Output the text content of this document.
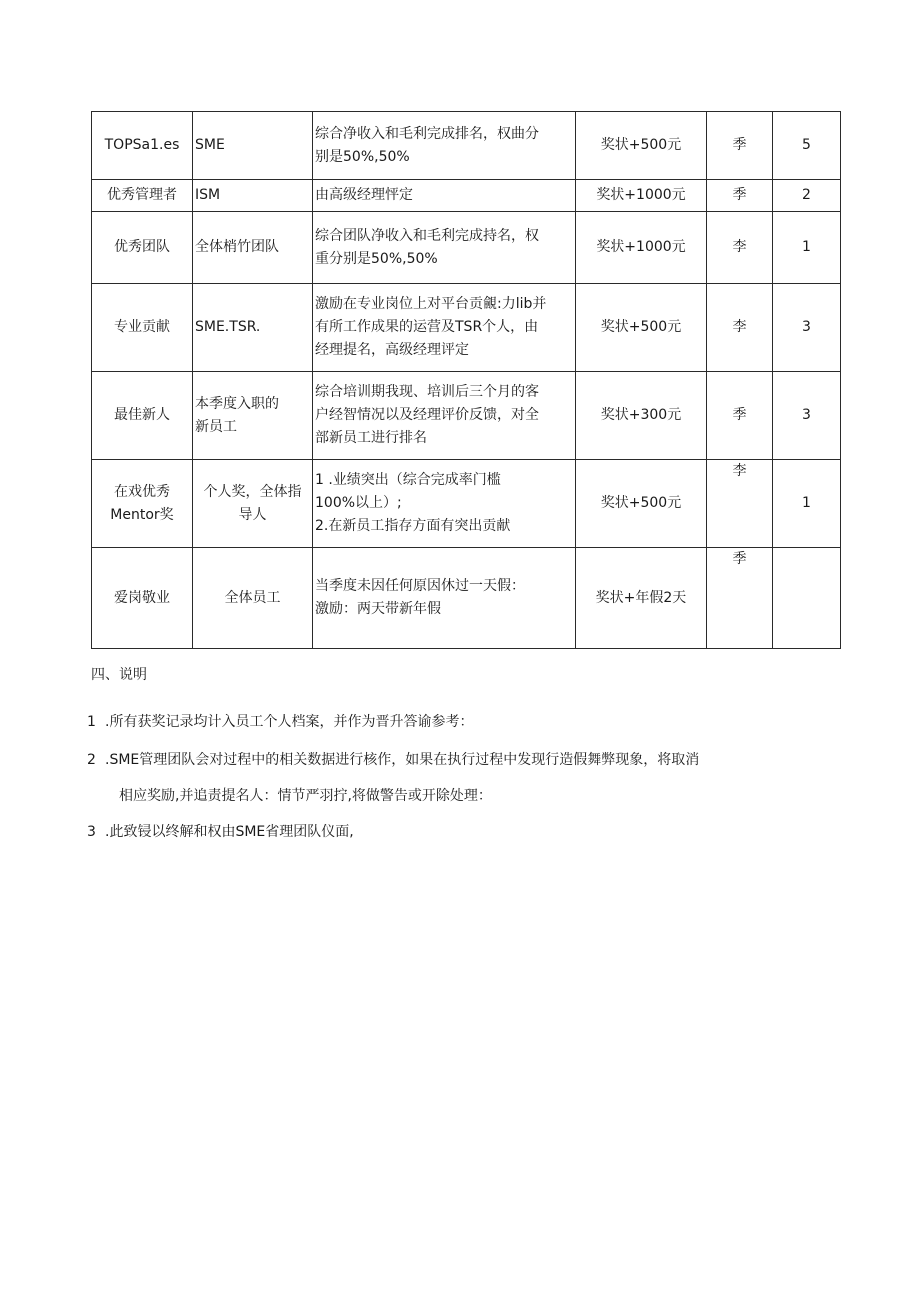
TOPSa1.es	SME	综合净收入和毛利完成排名，权曲分
别是50%,50%	奖状+500元	季	5

优秀管理者	ISM	由高级经理怦定	奖状+1000元	季	2

优秀团队	全体梢竹团队	综合团队净收入和毛利完成持名，权
重分别是50%,50%	奖状+1000元	李	1

专业贡献	SME.TSR.	激励在专业岗位上对平台贡覦:力lib并
有所工作成果的运营及TSR个人，由
经理提名，高级经理评定	奖状+500元	李	3

最佳新人	本季度入职的
新员工	综合培训期我现、培训后三个月的客
户经智情况以及经理评价反馈，对全
部新员工进行排名	奖状+300元	季	3

在戏优秀
Mentor奖	个人奖，全体指
导人	1 .业绩突出（综合完成率门槛
100%以上）;
2.在新员工指存方面有突出贡献	奖状+500元	李	1

爱岗敬业	全体员工	当季度未因任何原因休过一天假：
激励：两天带新年假	奖状+年假2天	季	
四、说明
1 .所有获奖记录均计入员工个人档案，并作为晋升答谕参考：
2 .SME管理团队会对过程中的相关数据进行核作，如果在执行过程中发现行造假舞弊现象，将取消
相应奖励,并追责提名人：情节严羽拧,将做警告或开除处理：
3 .此致锓以终解和权由SME省理团队仪面,
